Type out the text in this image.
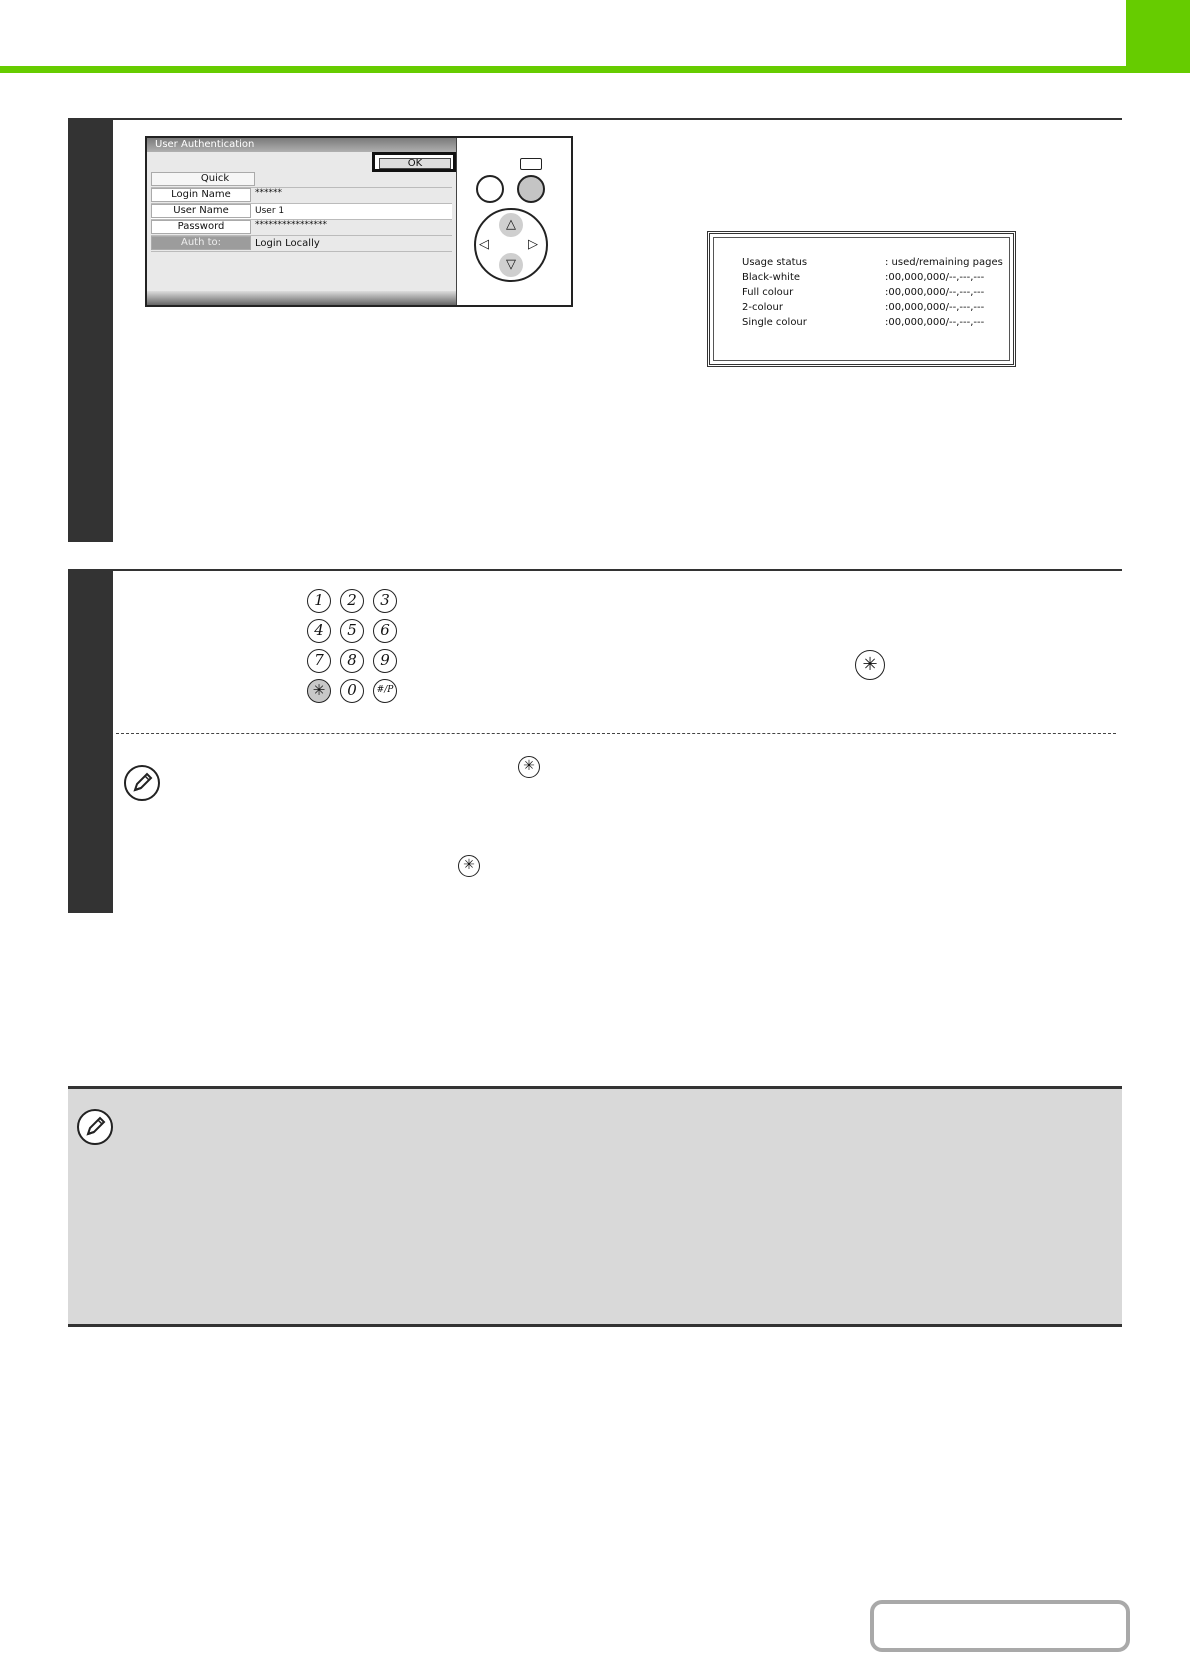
User Authentication
OK
Quick
Login Name	******
User Name	User 1
Password	****************
Auth to:	Login Locally
△
▽
◁	▷
Usage status	: used/remaining pages
Black-white	:00,000,000/--,---,---
Full colour	:00,000,000/--,---,---
2-colour	:00,000,000/--,---,---
Single colour	:00,000,000/--,---,---
1	2	3
4	5	6
7	8	9
✳	0	#/P
✳
✳
✳
